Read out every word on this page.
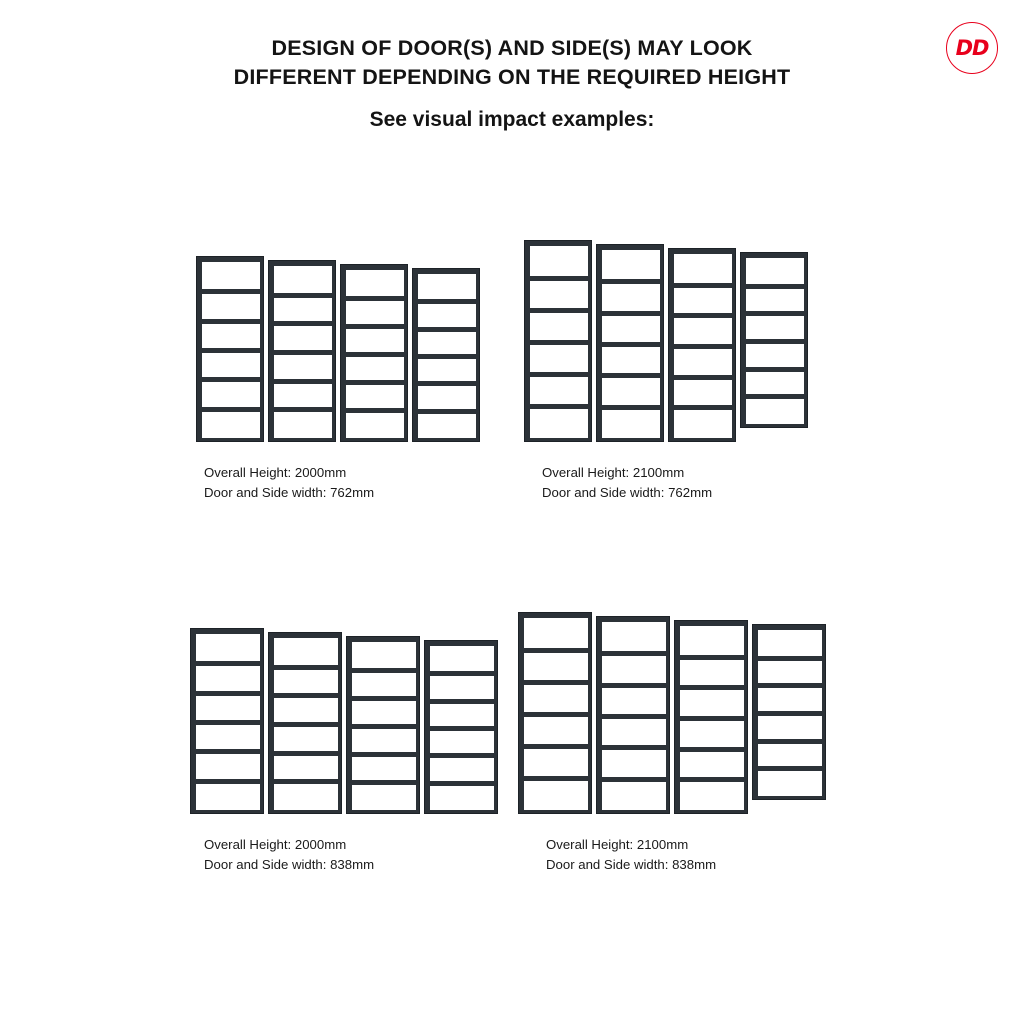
DESIGN OF DOOR(S) AND SIDE(S) MAY LOOK
DIFFERENT DEPENDING ON THE REQUIRED HEIGHT
See visual impact examples:
DD
Overall Height: 2000mm
Door and Side width: 762mm
Overall Height: 2100mm
Door and Side width: 762mm
Overall Height: 2000mm
Door and Side width: 838mm
Overall Height: 2100mm
Door and Side width: 838mm
